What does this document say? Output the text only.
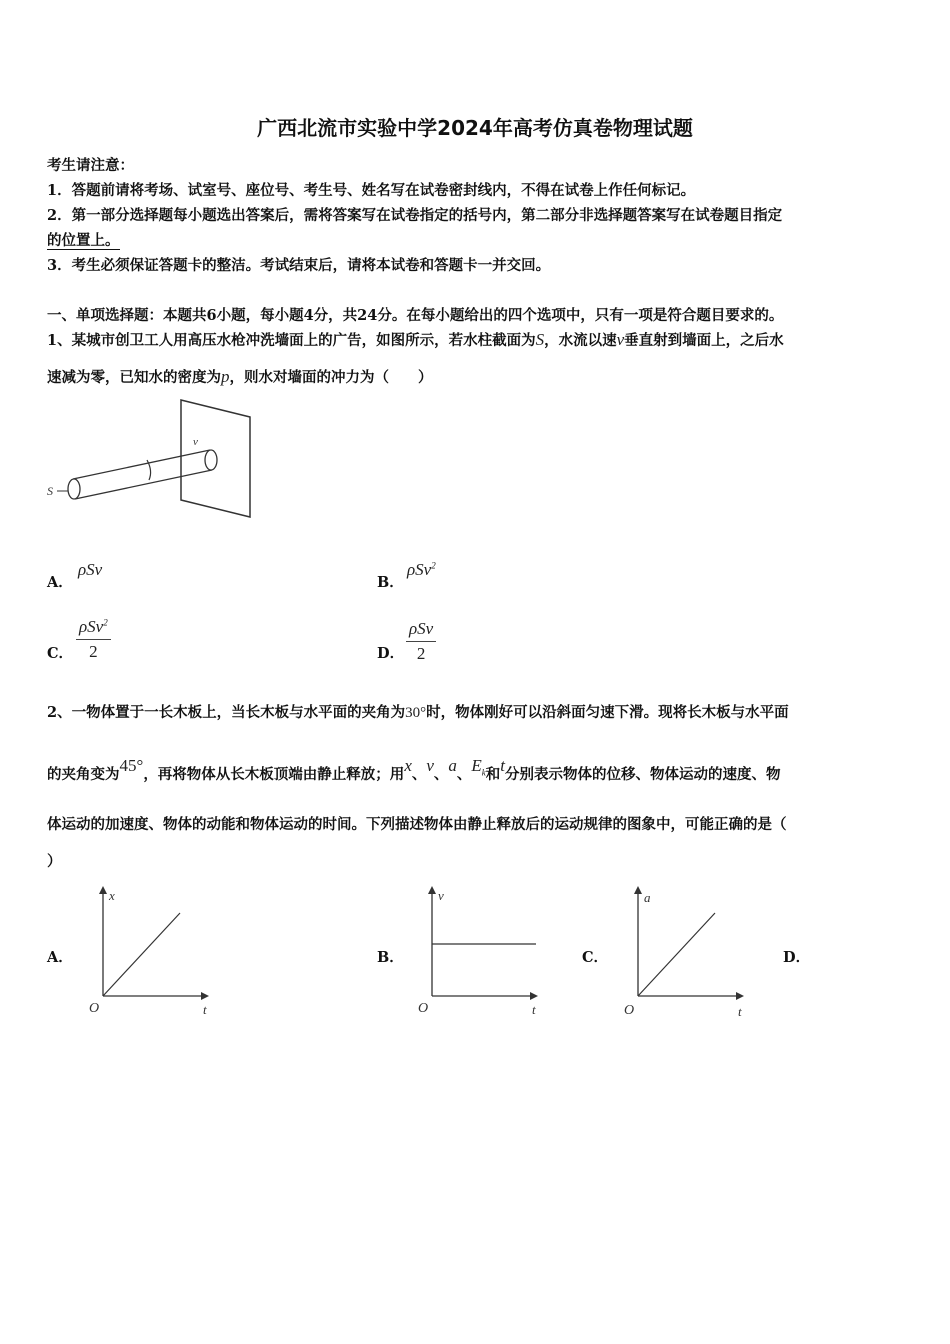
广西北流市实验中学2024年高考仿真卷物理试题
考生请注意：
1．答题前请将考场、试室号、座位号、考生号、姓名写在试卷密封线内，不得在试卷上作任何标记。
2．第一部分选择题每小题选出答案后，需将答案写在试卷指定的括号内，第二部分非选择题答案写在试卷题目指定
的位置上。
3．考生必须保证答题卡的整洁。考试结束后，请将本试卷和答题卡一并交回。
一、单项选择题：本题共6小题，每小题4分，共24分。在每小题给出的四个选项中，只有一项是符合题目要求的。
1、某城市创卫工人用高压水枪冲洗墙面上的广告，如图所示，若水柱截面为S，水流以速v垂直射到墙面上，之后水
速减为零，已知水的密度为p，则水对墙面的冲力为（　　）
S
v
A．
ρSv
B．
ρSv$^2$
C．
ρSv$^2$
2	D．
ρSv
2
2、一物体置于一长木板上，当长木板与水平面的夹角为30°时，物体刚好可以沿斜面匀速下滑。现将长木板与水平面
的夹角变为45°，再将物体从长木板顶端由静止释放；用x、v、a、$E_k$和t分别表示物体的位移、物体运动的速度、物
体运动的加速度、物体的动能和物体运动的时间。下列描述物体由静止释放后的运动规律的图象中，可能正确的是（
）
A．
x
t
O
B．
v
t
O
C．
a
t
O
D．
